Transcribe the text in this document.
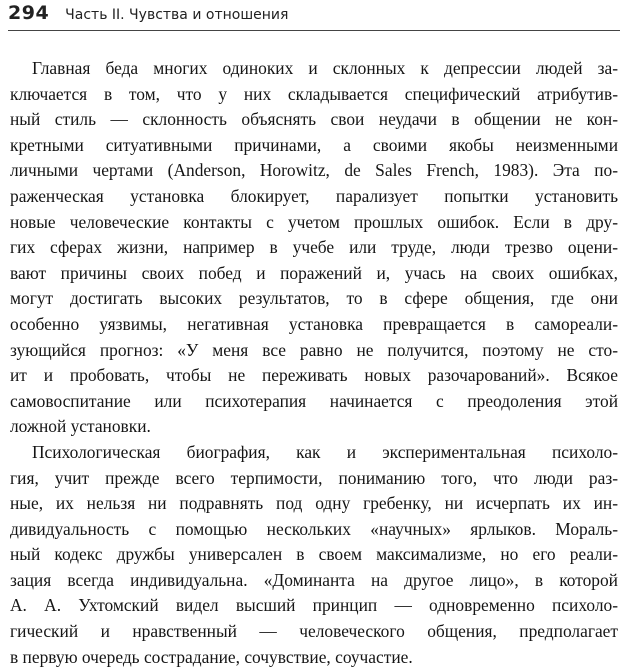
294 Часть II. Чувства и отношения
Главная беда многих одиноких и склонных к депрессии людей за-
ключается в том, что у них складывается специфический атрибутив-
ный стиль — склонность объяснять свои неудачи в общении не кон-
кретными ситуативными причинами, а своими якобы неизменными
личными чертами (Anderson, Horowitz, de Sales French, 1983). Эта по-
раженческая установка блокирует, парализует попытки установить
новые человеческие контакты с учетом прошлых ошибок. Если в дру-
гих сферах жизни, например в учебе или труде, люди трезво оцени-
вают причины своих побед и поражений и, учась на своих ошибках,
могут достигать высоких результатов, то в сфере общения, где они
особенно уязвимы, негативная установка превращается в самореали-
зующийся прогноз: «У меня все равно не получится, поэтому не сто-
ит и пробовать, чтобы не переживать новых разочарований». Всякое
самовоспитание или психотерапия начинается с преодоления этой
ложной установки.
Психологическая биография, как и экспериментальная психоло-
гия, учит прежде всего терпимости, пониманию того, что люди раз-
ные, их нельзя ни подравнять под одну гребенку, ни исчерпать их ин-
дивидуальность с помощью нескольких «научных» ярлыков. Мораль-
ный кодекс дружбы универсален в своем максимализме, но его реали-
зация всегда индивидуальна. «Доминанта на другое лицо», в которой
А. А. Ухтомский видел высший принцип — одновременно психоло-
гический и нравственный — человеческого общения, предполагает
в первую очередь сострадание, сочувствие, соучастие.
